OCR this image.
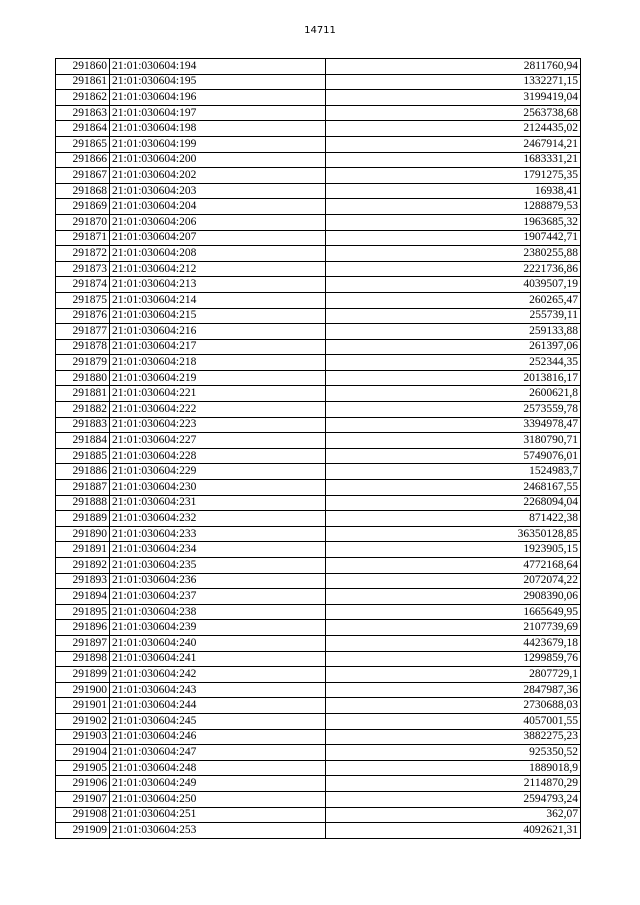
14711
291860	21:01:030604:194	2811760,94
291861	21:01:030604:195	1332271,15
291862	21:01:030604:196	3199419,04
291863	21:01:030604:197	2563738,68
291864	21:01:030604:198	2124435,02
291865	21:01:030604:199	2467914,21
291866	21:01:030604:200	1683331,21
291867	21:01:030604:202	1791275,35
291868	21:01:030604:203	16938,41
291869	21:01:030604:204	1288879,53
291870	21:01:030604:206	1963685,32
291871	21:01:030604:207	1907442,71
291872	21:01:030604:208	2380255,88
291873	21:01:030604:212	2221736,86
291874	21:01:030604:213	4039507,19
291875	21:01:030604:214	260265,47
291876	21:01:030604:215	255739,11
291877	21:01:030604:216	259133,88
291878	21:01:030604:217	261397,06
291879	21:01:030604:218	252344,35
291880	21:01:030604:219	2013816,17
291881	21:01:030604:221	2600621,8
291882	21:01:030604:222	2573559,78
291883	21:01:030604:223	3394978,47
291884	21:01:030604:227	3180790,71
291885	21:01:030604:228	5749076,01
291886	21:01:030604:229	1524983,7
291887	21:01:030604:230	2468167,55
291888	21:01:030604:231	2268094,04
291889	21:01:030604:232	871422,38
291890	21:01:030604:233	36350128,85
291891	21:01:030604:234	1923905,15
291892	21:01:030604:235	4772168,64
291893	21:01:030604:236	2072074,22
291894	21:01:030604:237	2908390,06
291895	21:01:030604:238	1665649,95
291896	21:01:030604:239	2107739,69
291897	21:01:030604:240	4423679,18
291898	21:01:030604:241	1299859,76
291899	21:01:030604:242	2807729,1
291900	21:01:030604:243	2847987,36
291901	21:01:030604:244	2730688,03
291902	21:01:030604:245	4057001,55
291903	21:01:030604:246	3882275,23
291904	21:01:030604:247	925350,52
291905	21:01:030604:248	1889018,9
291906	21:01:030604:249	2114870,29
291907	21:01:030604:250	2594793,24
291908	21:01:030604:251	362,07
291909	21:01:030604:253	4092621,31
